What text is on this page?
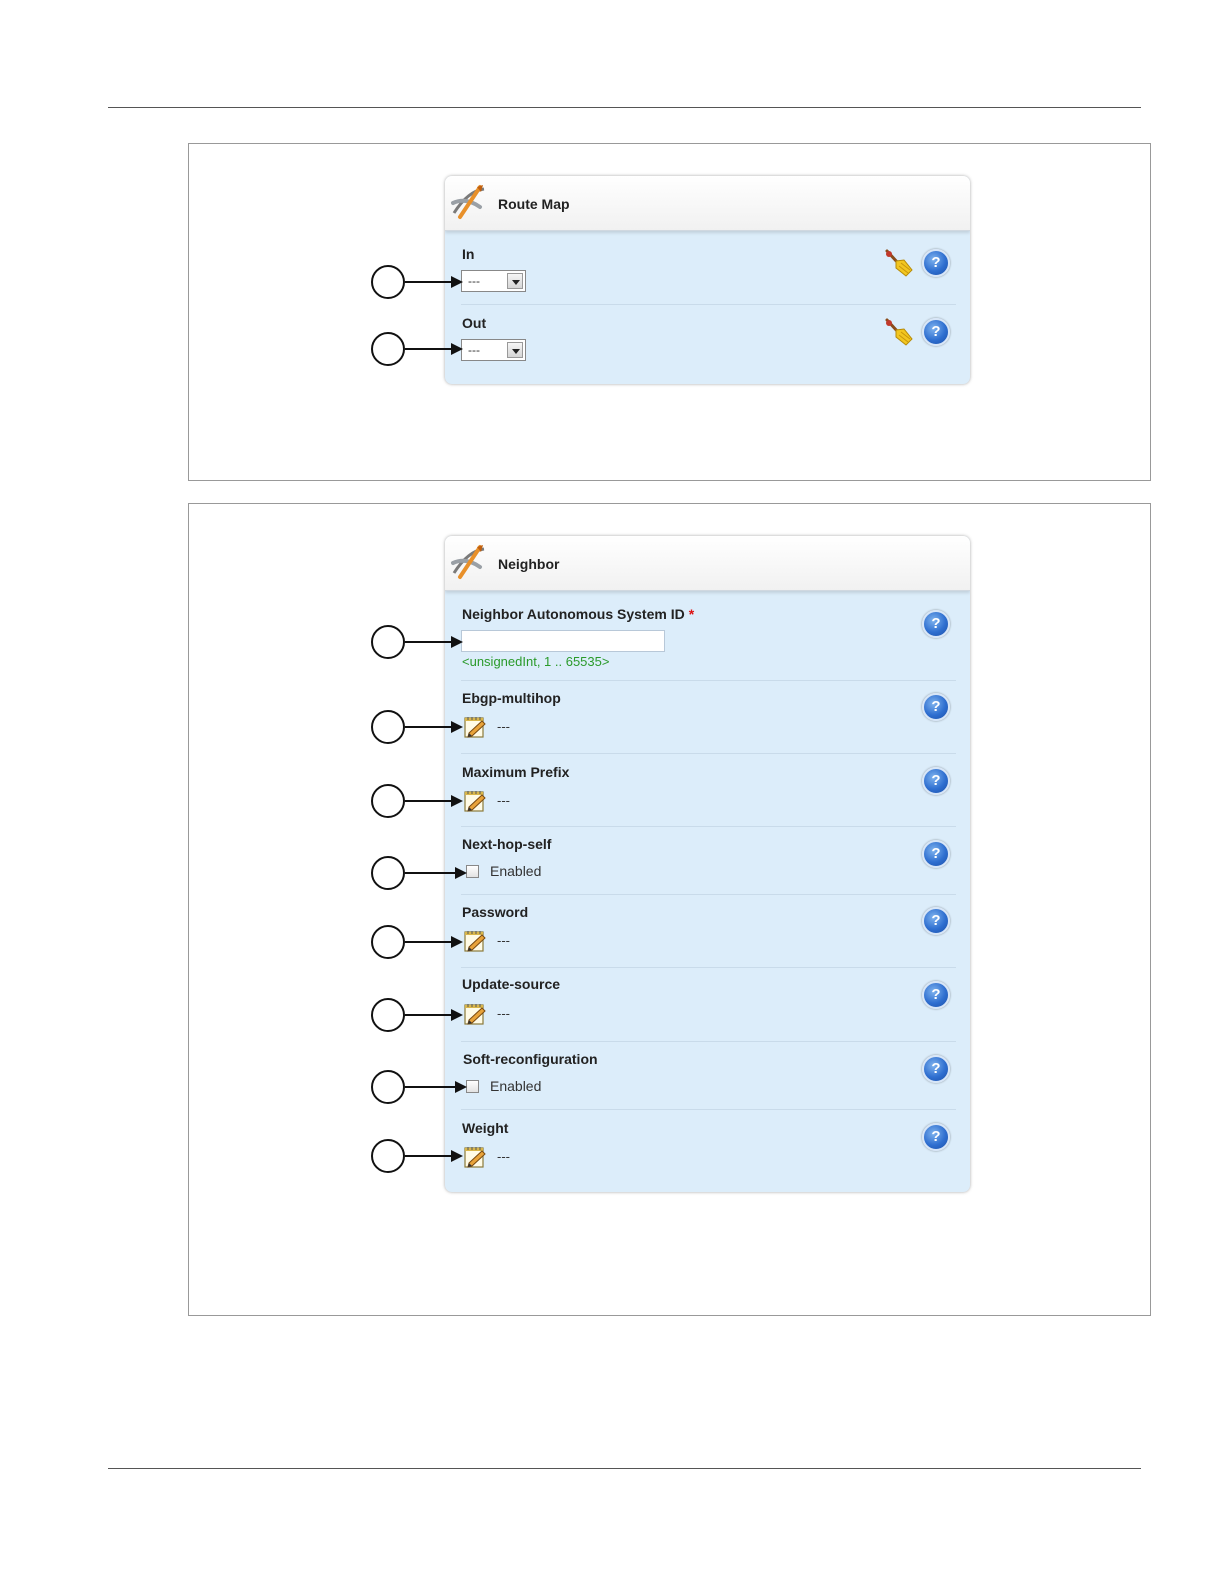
Route Map
In
---
?
Out
---
?
Neighbor
Neighbor Autonomous System ID *
<unsignedInt, 1 .. 65535>
?
Ebgp-multihop
---
?
Maximum Prefix
---
?
Next-hop-self
Enabled
?
Password
---
?
Update-source
---
?
Soft-reconfiguration
Enabled
?
Weight
---
?
